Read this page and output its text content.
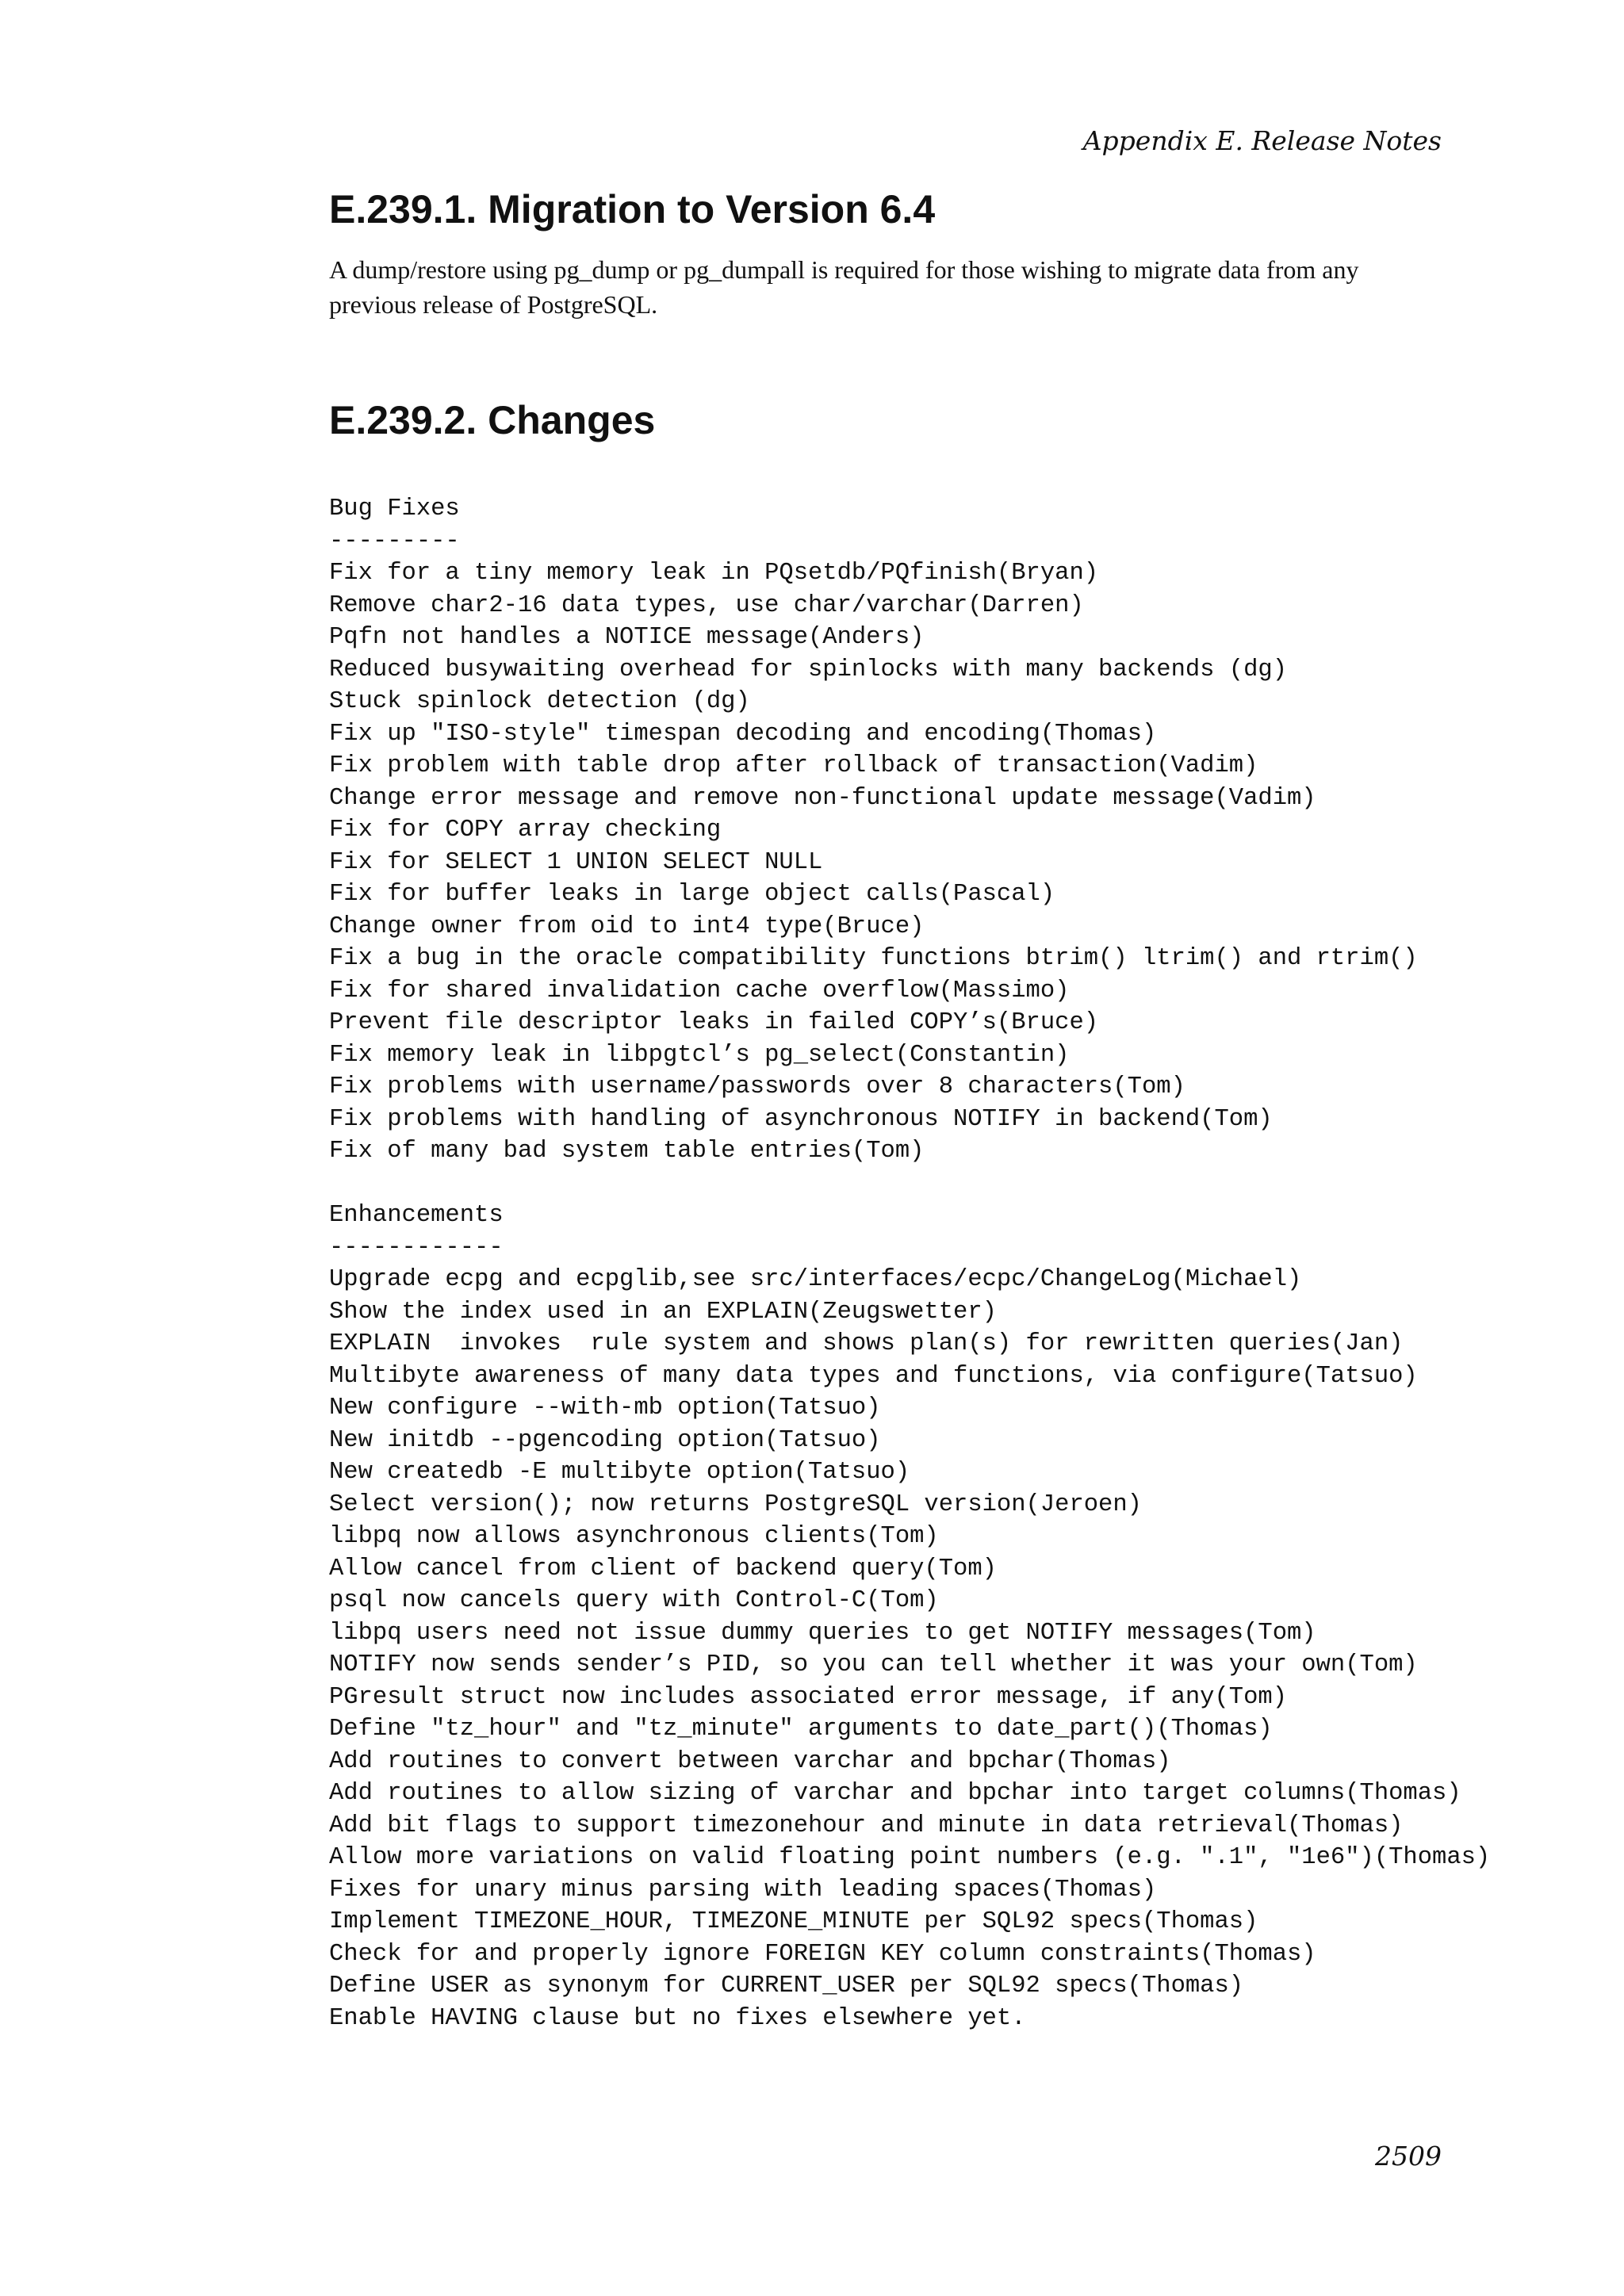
Appendix E. Release Notes
E.239.1. Migration to Version 6.4

A dump/restore using pg_dump or pg_dumpall is required for those wishing to migrate data from any previous release of PostgreSQL.

E.239.2. Changes
Bug Fixes
---------
Fix for a tiny memory leak in PQsetdb/PQfinish(Bryan)
Remove char2-16 data types, use char/varchar(Darren)
Pqfn not handles a NOTICE message(Anders)
Reduced busywaiting overhead for spinlocks with many backends (dg)
Stuck spinlock detection (dg)
Fix up "ISO-style" timespan decoding and encoding(Thomas)
Fix problem with table drop after rollback of transaction(Vadim)
Change error message and remove non-functional update message(Vadim)
Fix for COPY array checking
Fix for SELECT 1 UNION SELECT NULL
Fix for buffer leaks in large object calls(Pascal)
Change owner from oid to int4 type(Bruce)
Fix a bug in the oracle compatibility functions btrim() ltrim() and rtrim()
Fix for shared invalidation cache overflow(Massimo)
Prevent file descriptor leaks in failed COPY’s(Bruce)
Fix memory leak in libpgtcl’s pg_select(Constantin)
Fix problems with username/passwords over 8 characters(Tom)
Fix problems with handling of asynchronous NOTIFY in backend(Tom)
Fix of many bad system table entries(Tom)
Enhancements
------------
Upgrade ecpg and ecpglib,see src/interfaces/ecpc/ChangeLog(Michael)
Show the index used in an EXPLAIN(Zeugswetter)
EXPLAIN  invokes  rule system and shows plan(s) for rewritten queries(Jan)
Multibyte awareness of many data types and functions, via configure(Tatsuo)
New configure --with-mb option(Tatsuo)
New initdb --pgencoding option(Tatsuo)
New createdb -E multibyte option(Tatsuo)
Select version(); now returns PostgreSQL version(Jeroen)
libpq now allows asynchronous clients(Tom)
Allow cancel from client of backend query(Tom)
psql now cancels query with Control-C(Tom)
libpq users need not issue dummy queries to get NOTIFY messages(Tom)
NOTIFY now sends sender’s PID, so you can tell whether it was your own(Tom)
PGresult struct now includes associated error message, if any(Tom)
Define "tz_hour" and "tz_minute" arguments to date_part()(Thomas)
Add routines to convert between varchar and bpchar(Thomas)
Add routines to allow sizing of varchar and bpchar into target columns(Thomas)
Add bit flags to support timezonehour and minute in data retrieval(Thomas)
Allow more variations on valid floating point numbers (e.g. ".1", "1e6")(Thomas)
Fixes for unary minus parsing with leading spaces(Thomas)
Implement TIMEZONE_HOUR, TIMEZONE_MINUTE per SQL92 specs(Thomas)
Check for and properly ignore FOREIGN KEY column constraints(Thomas)
Define USER as synonym for CURRENT_USER per SQL92 specs(Thomas)
Enable HAVING clause but no fixes elsewhere yet.
2509
